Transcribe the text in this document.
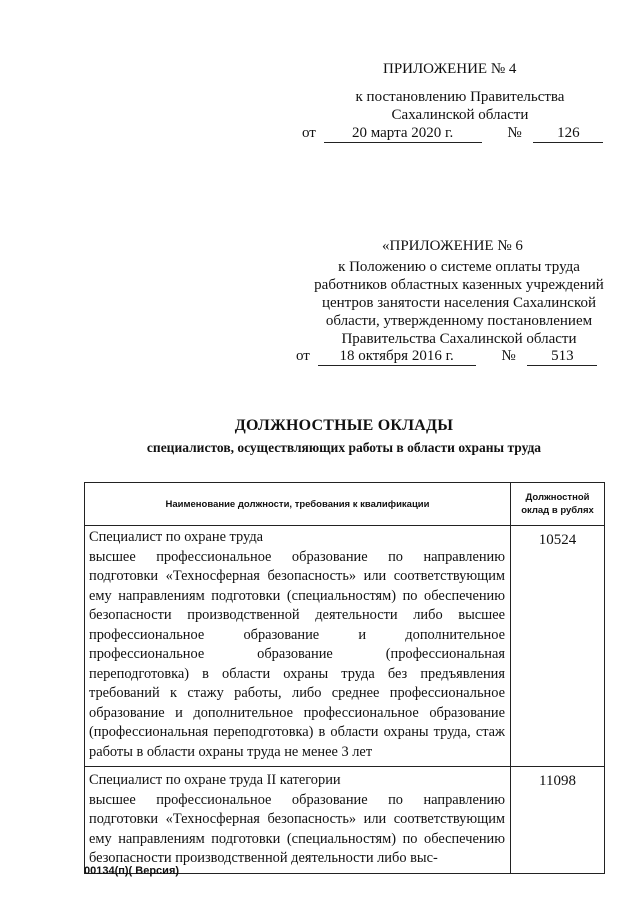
ПРИЛОЖЕНИЕ № 4
к постановлению Правительства
Сахалинской области
от 20 марта 2020 г.	№ 126
«ПРИЛОЖЕНИЕ № 6
к Положению о системе оплаты труда
работников областных казенных учреждений
центров занятости населения Сахалинской
области, утвержденному постановлением
Правительства Сахалинской области
от 18 октября 2016 г.	№ 513
ДОЛЖНОСТНЫЕ ОКЛАДЫ
специалистов, осуществляющих работы в области охраны труда
Наименование должности, требования к квалификации	Должностной оклад в рублях

Специалист по охране труда
высшее профессиональное образование по направлению подготовки «Техносферная безопасность» или соответствующим ему направлениям подготовки (специальностям) по обеспечению безопасности производственной деятельности либо высшее профессиональное образование и дополнительное профессиональное образование (профессиональная переподготовка) в области охраны труда без предъявления требований к стажу работы, либо среднее профессиональное образование и дополнительное профессиональное образование (профессиональная переподготовка) в области охраны труда, стаж работы в области охраны труда не менее 3 лет	10524

Специалист по охране труда II категории
высшее профессиональное образование по направлению подготовки «Техносферная безопасность» или соответствующим ему направлениям подготовки (специальностям) по обеспечению безопасности производственной деятельности либо выс-	11098
00134(п)( Версия)
